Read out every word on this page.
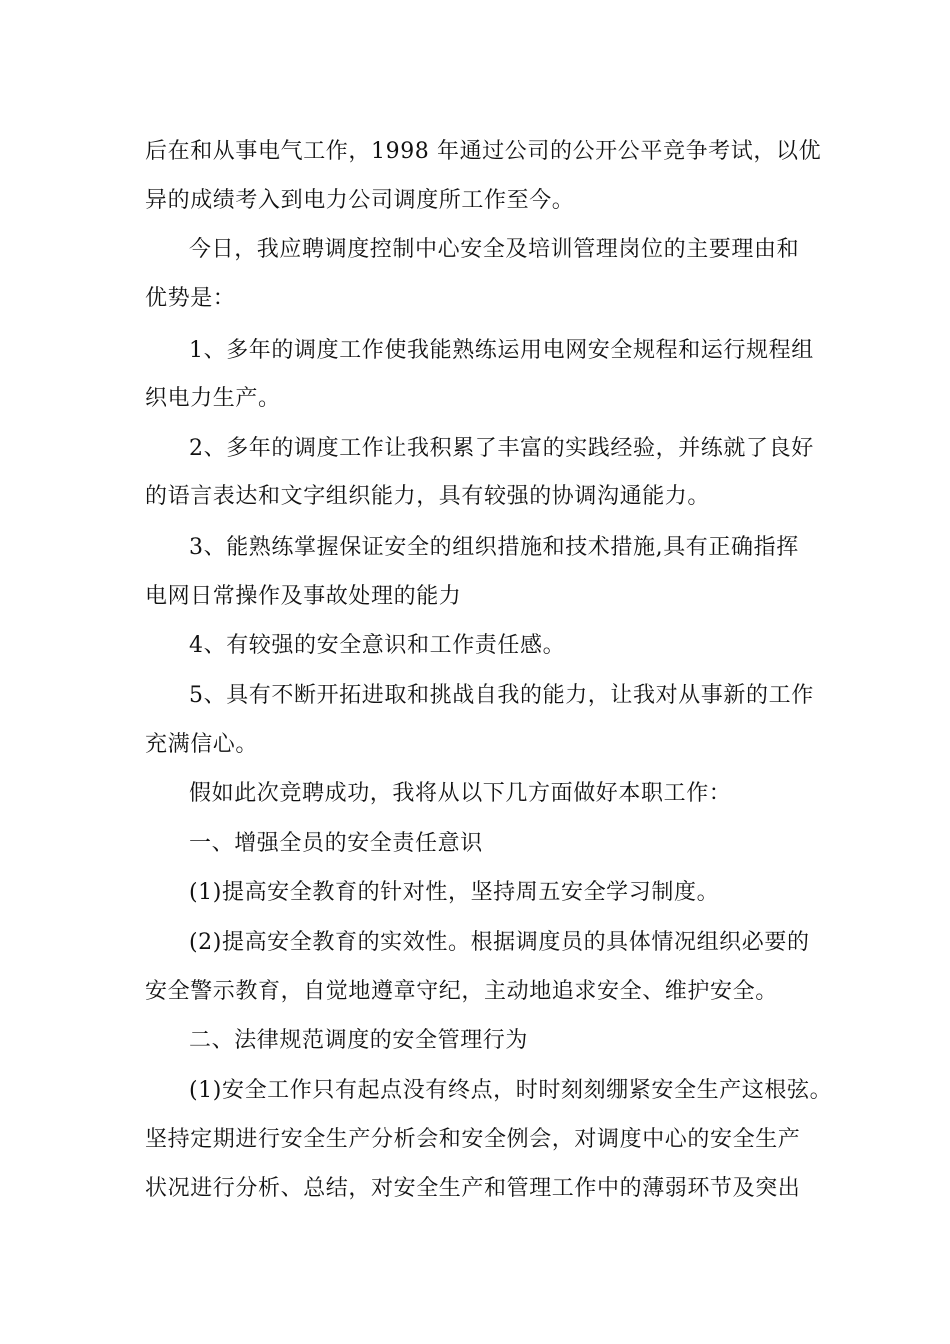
后在和从事电气工作，1998 年通过公司的公开公平竞争考试，以优
异的成绩考入到电力公司调度所工作至今。
今日，我应聘调度控制中心安全及培训管理岗位的主要理由和
优势是：
1、多年的调度工作使我能熟练运用电网安全规程和运行规程组
织电力生产。
2、多年的调度工作让我积累了丰富的实践经验，并练就了良好
的语言表达和文字组织能力，具有较强的协调沟通能力。
3、能熟练掌握保证安全的组织措施和技术措施,具有正确指挥
电网日常操作及事故处理的能力
4、有较强的安全意识和工作责任感。
5、具有不断开拓进取和挑战自我的能力，让我对从事新的工作
充满信心。
假如此次竞聘成功，我将从以下几方面做好本职工作：
一、增强全员的安全责任意识
(1)提高安全教育的针对性，坚持周五安全学习制度。
(2)提高安全教育的实效性。根据调度员的具体情况组织必要的
安全警示教育，自觉地遵章守纪，主动地追求安全、维护安全。
二、法律规范调度的安全管理行为
(1)安全工作只有起点没有终点，时时刻刻绷紧安全生产这根弦。
坚持定期进行安全生产分析会和安全例会，对调度中心的安全生产
状况进行分析、总结，对安全生产和管理工作中的薄弱环节及突出
